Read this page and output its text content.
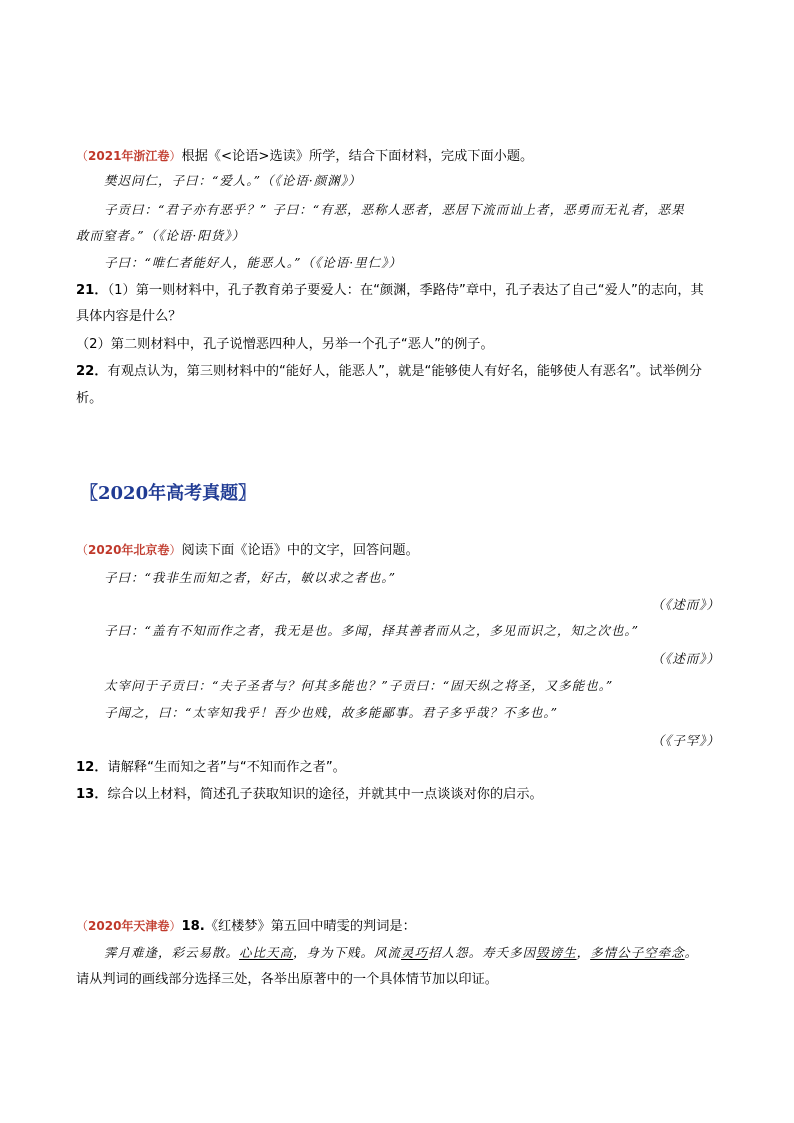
（2021年浙江卷）根据《<论语>选读》所学，结合下面材料，完成下面小题。
樊迟问仁，子曰：“爱人。”（《论语·颜渊》）
子贡曰：“君子亦有恶乎？” 子曰：“有恶，恶称人恶者，恶居下流而讪上者，恶勇而无礼者，恶果
敢而窒者。”（《论语·阳货》）
子曰：“唯仁者能好人，能恶人。”（《论语·里仁》）
21．（1）第一则材料中，孔子教育弟子要爱人：在“颜渊，季路侍”章中，孔子表达了自己“爱人”的志向，其
具体内容是什么？
（2）第二则材料中，孔子说憎恶四种人，另举一个孔子“恶人”的例子。
22．有观点认为，第三则材料中的“能好人，能恶人”，就是“能够使人有好名，能够使人有恶名”。试举例分
析。
〖2020年高考真题〗
（2020年北京卷）阅读下面《论语》中的文字，回答问题。
子曰：“我非生而知之者，好古，敏以求之者也。”
（《述而》）
子曰：“盖有不知而作之者，我无是也。多闻，择其善者而从之，多见而识之，知之次也。”
（《述而》）
太宰问于子贡曰：“夫子圣者与？何其多能也？”子贡曰：“固天纵之将圣，又多能也。”
子闻之，曰：“太宰知我乎！吾少也贱，故多能鄙事。君子多乎哉？不多也。”
（《子罕》）
12．请解释“生而知之者”与“不知而作之者”。
13．综合以上材料，简述孔子获取知识的途径，并就其中一点谈谈对你的启示。
（2020年天津卷）18.《红楼梦》第五回中晴雯的判词是：
霁月难逢，彩云易散。心比天高，身为下贱。风流灵巧招人怨。寿夭多因毁谤生，多情公子空牵念。
请从判词的画线部分选择三处，各举出原著中的一个具体情节加以印证。
